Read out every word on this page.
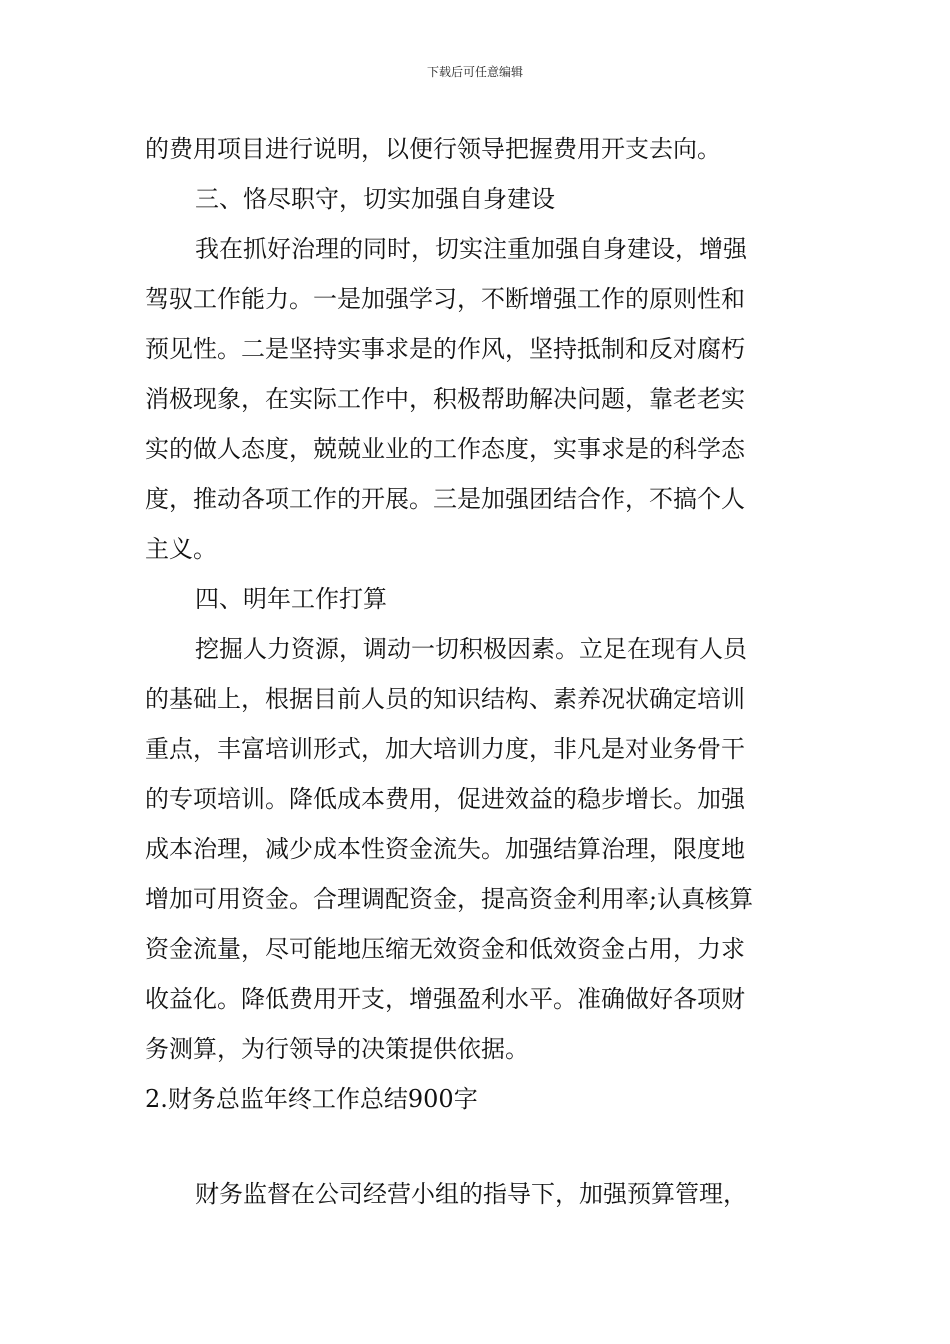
下载后可任意编辑
的费用项目进行说明，以便行领导把握费用开支去向。
三、恪尽职守，切实加强自身建设
我在抓好治理的同时，切实注重加强自身建设，增强
驾驭工作能力。一是加强学习，不断增强工作的原则性和
预见性。二是坚持实事求是的作风，坚持抵制和反对腐朽
消极现象，在实际工作中，积极帮助解决问题，靠老老实
实的做人态度，兢兢业业的工作态度，实事求是的科学态
度，推动各项工作的开展。三是加强团结合作，不搞个人
主义。
四、明年工作打算
挖掘人力资源，调动一切积极因素。立足在现有人员
的基础上，根据目前人员的知识结构、素养况状确定培训
重点，丰富培训形式，加大培训力度，非凡是对业务骨干
的专项培训。降低成本费用，促进效益的稳步增长。加强
成本治理，减少成本性资金流失。加强结算治理，限度地
增加可用资金。合理调配资金，提高资金利用率;认真核算
资金流量，尽可能地压缩无效资金和低效资金占用，力求
收益化。降低费用开支，增强盈利水平。准确做好各项财
务测算，为行领导的决策提供依据。
2.财务总监年终工作总结900字
财务监督在公司经营小组的指导下，加强预算管理，
